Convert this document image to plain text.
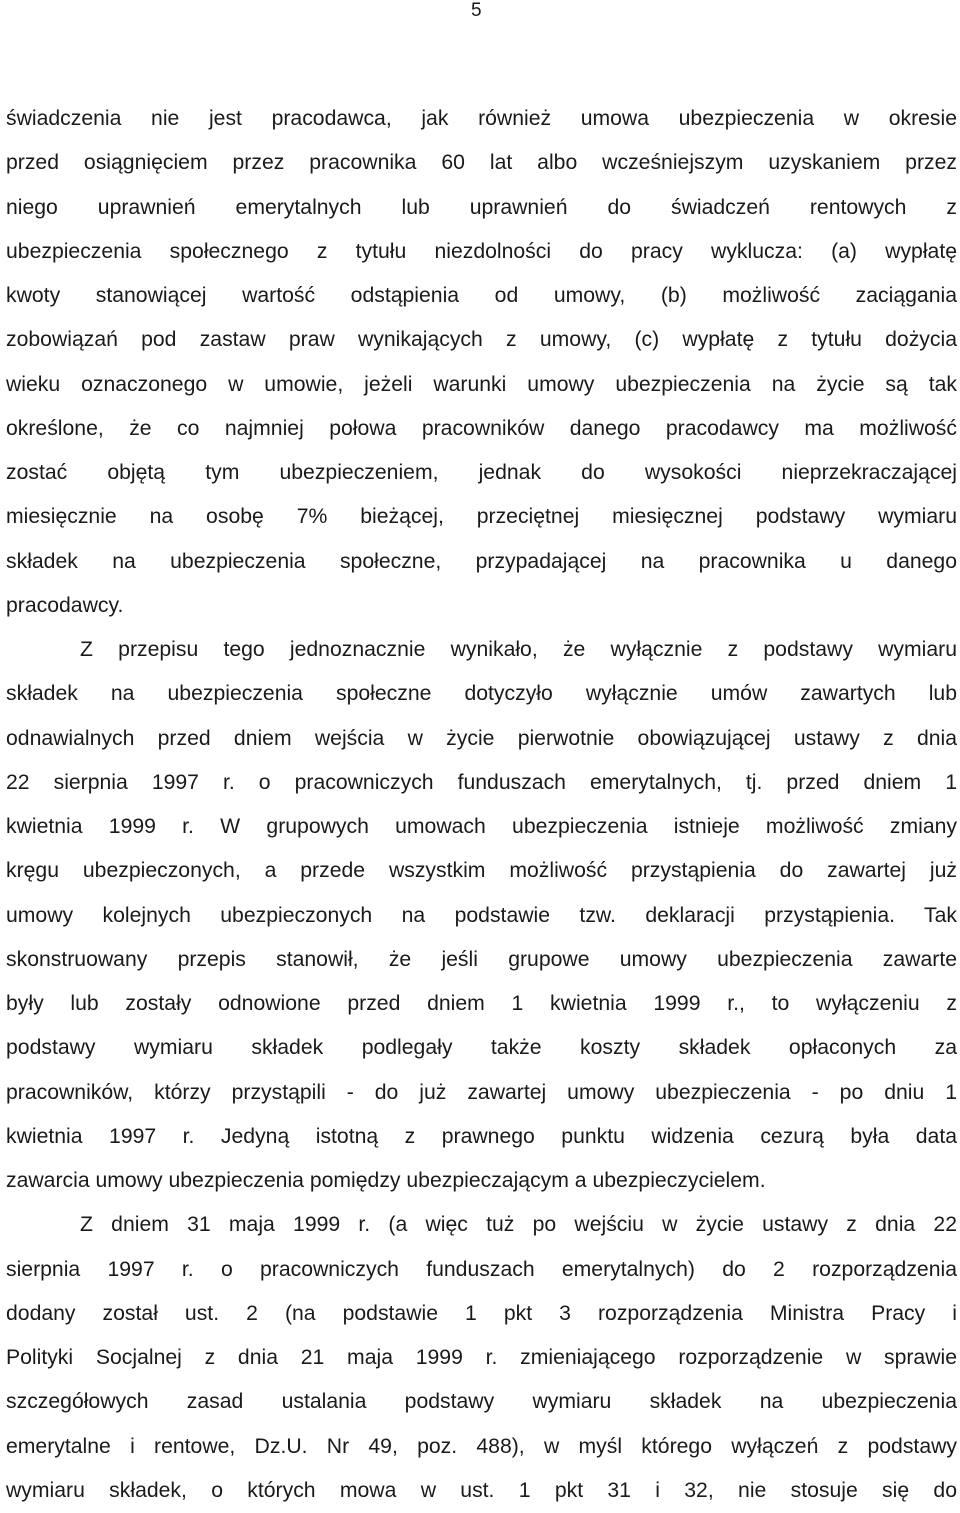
5
świadczenia nie jest pracodawca, jak również umowa ubezpieczenia w okresie
przed osiągnięciem przez pracownika 60 lat albo wcześniejszym uzyskaniem przez
niego uprawnień emerytalnych lub uprawnień do świadczeń rentowych z
ubezpieczenia społecznego z tytułu niezdolności do pracy wyklucza: (a) wypłatę
kwoty stanowiącej wartość odstąpienia od umowy, (b) możliwość zaciągania
zobowiązań pod zastaw praw wynikających z umowy, (c) wypłatę z tytułu dożycia
wieku oznaczonego w umowie, jeżeli warunki umowy ubezpieczenia na życie są tak
określone, że co najmniej połowa pracowników danego pracodawcy ma możliwość
zostać objętą tym ubezpieczeniem, jednak do wysokości nieprzekraczającej
miesięcznie na osobę 7% bieżącej, przeciętnej miesięcznej podstawy wymiaru
składek na ubezpieczenia społeczne, przypadającej na pracownika u danego
pracodawcy.
Z przepisu tego jednoznacznie wynikało, że wyłącznie z podstawy wymiaru
składek na ubezpieczenia społeczne dotyczyło wyłącznie umów zawartych lub
odnawialnych przed dniem wejścia w życie pierwotnie obowiązującej ustawy z dnia
22 sierpnia 1997 r. o pracowniczych funduszach emerytalnych, tj. przed dniem 1
kwietnia 1999 r. W grupowych umowach ubezpieczenia istnieje możliwość zmiany
kręgu ubezpieczonych, a przede wszystkim możliwość przystąpienia do zawartej już
umowy kolejnych ubezpieczonych na podstawie tzw. deklaracji przystąpienia. Tak
skonstruowany przepis stanowił, że jeśli grupowe umowy ubezpieczenia zawarte
były lub zostały odnowione przed dniem 1 kwietnia 1999 r., to wyłączeniu z
podstawy wymiaru składek podlegały także koszty składek opłaconych za
pracowników, którzy przystąpili - do już zawartej umowy ubezpieczenia - po dniu 1
kwietnia 1997 r. Jedyną istotną z prawnego punktu widzenia cezurą była data
zawarcia umowy ubezpieczenia pomiędzy ubezpieczającym a ubezpieczycielem.
Z dniem 31 maja 1999 r. (a więc tuż po wejściu w życie ustawy z dnia 22
sierpnia 1997 r. o pracowniczych funduszach emerytalnych) do 2 rozporządzenia
dodany został ust. 2 (na podstawie 1 pkt 3 rozporządzenia Ministra Pracy i
Polityki Socjalnej z dnia 21 maja 1999 r. zmieniającego rozporządzenie w sprawie
szczegółowych zasad ustalania podstawy wymiaru składek na ubezpieczenia
emerytalne i rentowe, Dz.U. Nr 49, poz. 488), w myśl którego wyłączeń z podstawy
wymiaru składek, o których mowa w ust. 1 pkt 31 i 32, nie stosuje się do
